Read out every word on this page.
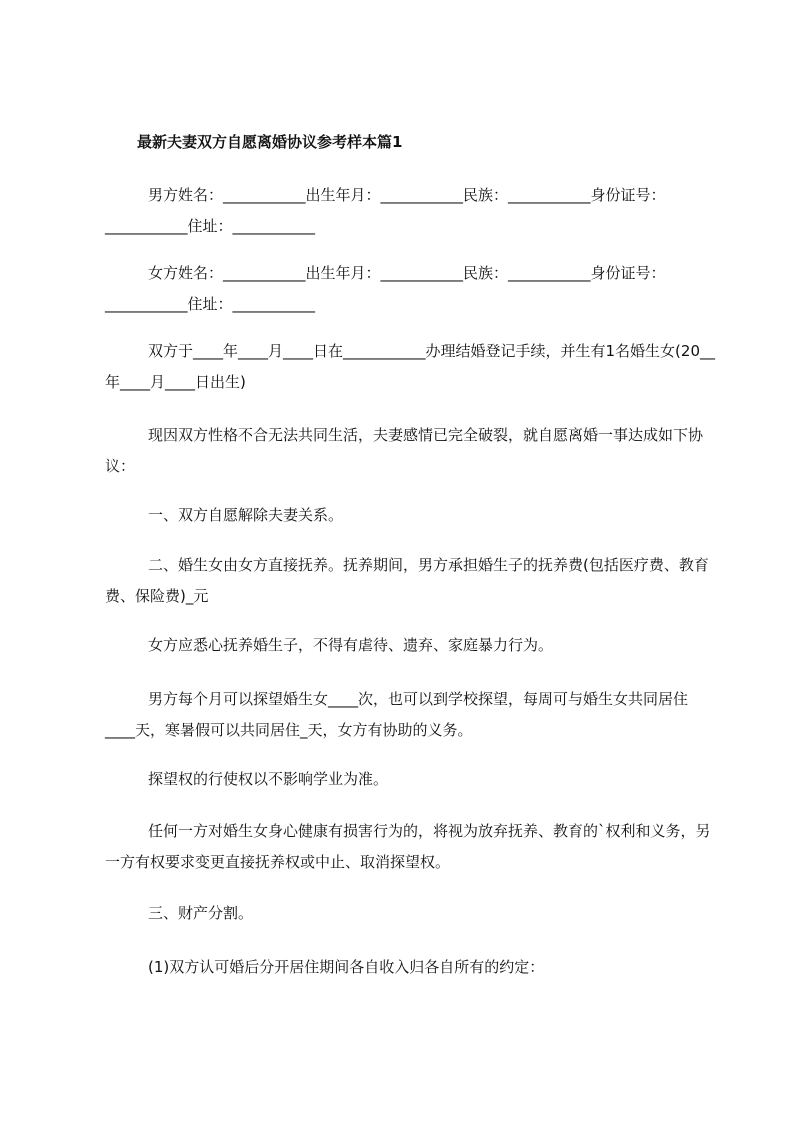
最新夫妻双方自愿离婚协议参考样本篇1

男方姓名：___________出生年月：___________民族：___________身份证号：___________住址：___________

女方姓名：___________出生年月：___________民族：___________身份证号：___________住址：___________

双方于____年____月____日在___________办理结婚登记手续，并生有1名婚生女(20__年____月____日出生)

现因双方性格不合无法共同生活，夫妻感情已完全破裂，就自愿离婚一事达成如下协议：

一、双方自愿解除夫妻关系。

二、婚生女由女方直接抚养。抚养期间，男方承担婚生子的抚养费(包括医疗费、教育费、保险费)_元

女方应悉心抚养婚生子，不得有虐待、遗弃、家庭暴力行为。

男方每个月可以探望婚生女____次，也可以到学校探望，每周可与婚生女共同居住____天，寒暑假可以共同居住_天，女方有协助的义务。

探望权的行使权以不影响学业为准。

任何一方对婚生女身心健康有损害行为的，将视为放弃抚养、教育的`权利和义务，另一方有权要求变更直接抚养权或中止、取消探望权。

三、财产分割。

(1)双方认可婚后分开居住期间各自收入归各自所有的约定：
